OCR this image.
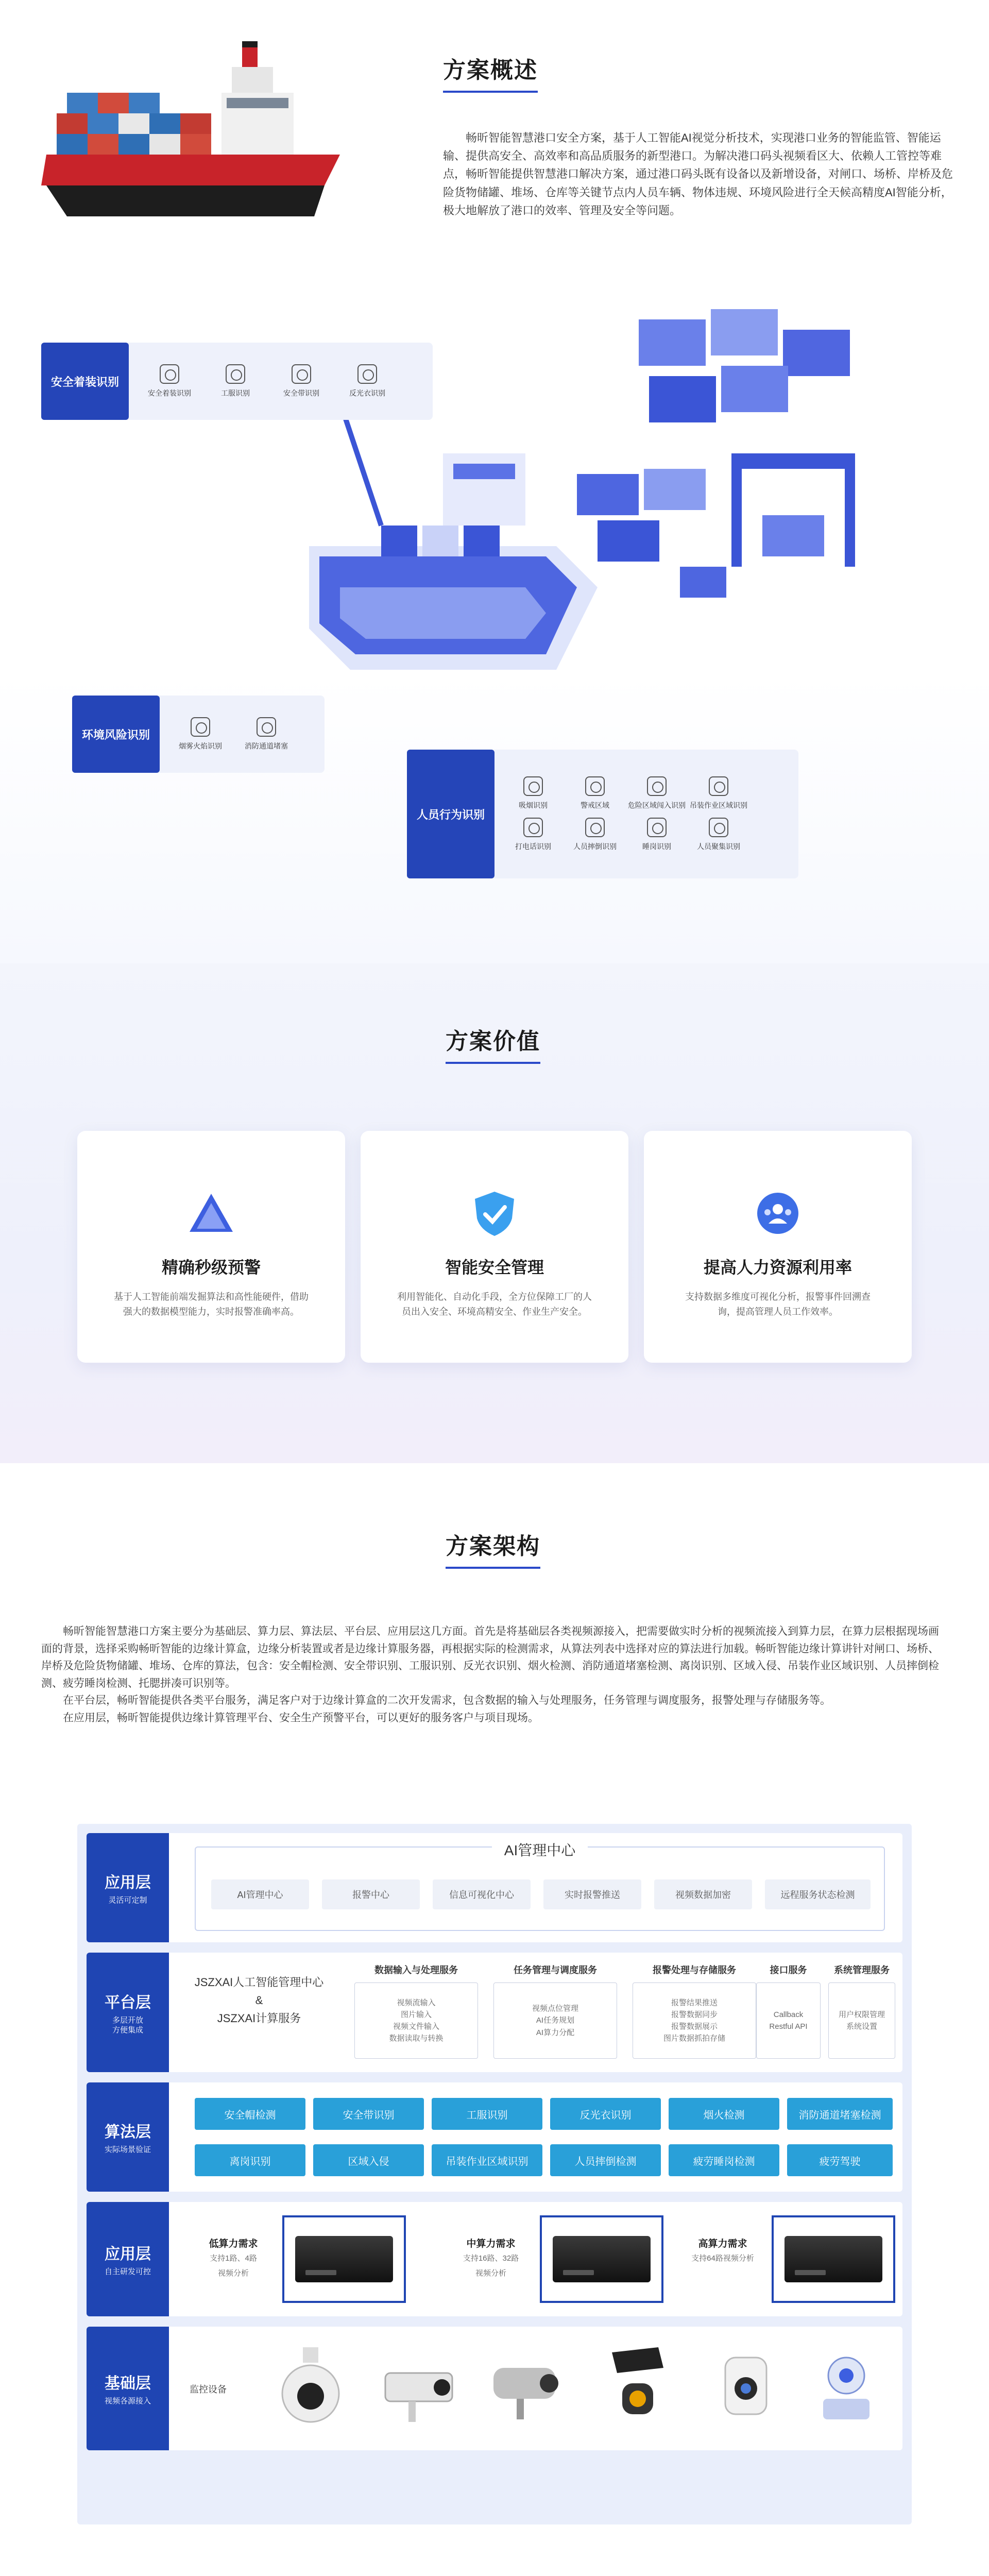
方案概述

畅昕智能智慧港口安全方案，基于人工智能AI视觉分析技术，实现港口业务的智能监管、智能运输、提供高安全、高效率和高品质服务的新型港口。为解决港口码头视频看区大、依赖人工管控等难点，畅昕智能提供智慧港口解决方案，通过港口码头既有设备以及新增设备，对闸口、场桥、岸桥及危险货物储罐、堆场、仓库等关键节点内人员车辆、物体违规、环境风险进行全天候高精度AI智能分析，极大地解放了港口的效率、管理及安全等问题。

安全着装识别
安全着装识别	工服识别	安全带识别	反光衣识别
环境风险识别
烟雾火焰识别	消防通道堵塞
人员行为识别
吸烟识别	警戒区域	危险区域闯入识别 吊装作业区域识别
打电话识别	人员摔倒识别	睡岗识别	人员聚集识别
方案价值
精确秒级预警
基于人工智能前端发掘算法和高性能硬件，借助强大的数据模型能力，实时报警准确率高。
智能安全管理
利用智能化、自动化手段，全方位保障工厂的人员出入安全、环境高精安全、作业生产安全。
提高人力资源利用率
支持数据多维度可视化分析，报警事件回溯查询，提高管理人员工作效率。
方案架构

畅昕智能智慧港口方案主要分为基础层、算力层、算法层、平台层、应用层这几方面。首先是将基础层各类视频源接入，把需要做实时分析的视频流接入到算力层，在算力层根据现场画面的背景，选择采购畅昕智能的边缘计算盒，边缘分析装置或者是边缘计算服务器，再根据实际的检测需求，从算法列表中选择对应的算法进行加载。畅昕智能边缘计算讲针对闸口、场桥、岸桥及危险货物储罐、堆场、仓库的算法，包含：安全帽检测、安全带识别、工服识别、反光衣识别、烟火检测、消防通道堵塞检测、离岗识别、区域入侵、吊装作业区域识别、人员摔倒检测、疲劳睡岗检测、托腮拼凑可识别等。

在平台层，畅昕智能提供各类平台服务，满足客户对于边缘计算盒的二次开发需求，包含数据的输入与处理服务，任务管理与调度服务，报警处理与存储服务等。

在应用层，畅昕智能提供边缘计算管理平台、安全生产预警平台，可以更好的服务客户与项目现场。

应用层
灵活可定制
AI管理中心
AI管理中心	报警中心	信息可视化中心	实时报警推送	视频数据加密	远程服务状态检测
平台层
多层开放
方便集成
JSZXAI人工智能管理中心
&
JSZXAI计算服务
数据输入与处理服务
视频流输入
图片输入
视频文件输入
数据读取与转换
任务管理与调度服务
视频点位管理
AI任务规划
AI算力分配
报警处理与存储服务
报警结果推送
报警数据同步
报警数据展示
图片数据抓拍存储
接口服务
Callback
Restful API
系统管理服务
用户权限管理
系统设置
算法层
实际场景验证
安全帽检测	安全带识别	工服识别	反光衣识别	烟火检测	消防通道堵塞检测
离岗识别	区域入侵	吊装作业区域识别	人员摔倒检测	疲劳睡岗检测	疲劳驾驶
应用层
自主研发可控
低算力需求
支持1路、4路
视频分析
中算力需求
支持16路、32路
视频分析
高算力需求
支持64路视频分析
基础层
视频各源接入
监控设备
